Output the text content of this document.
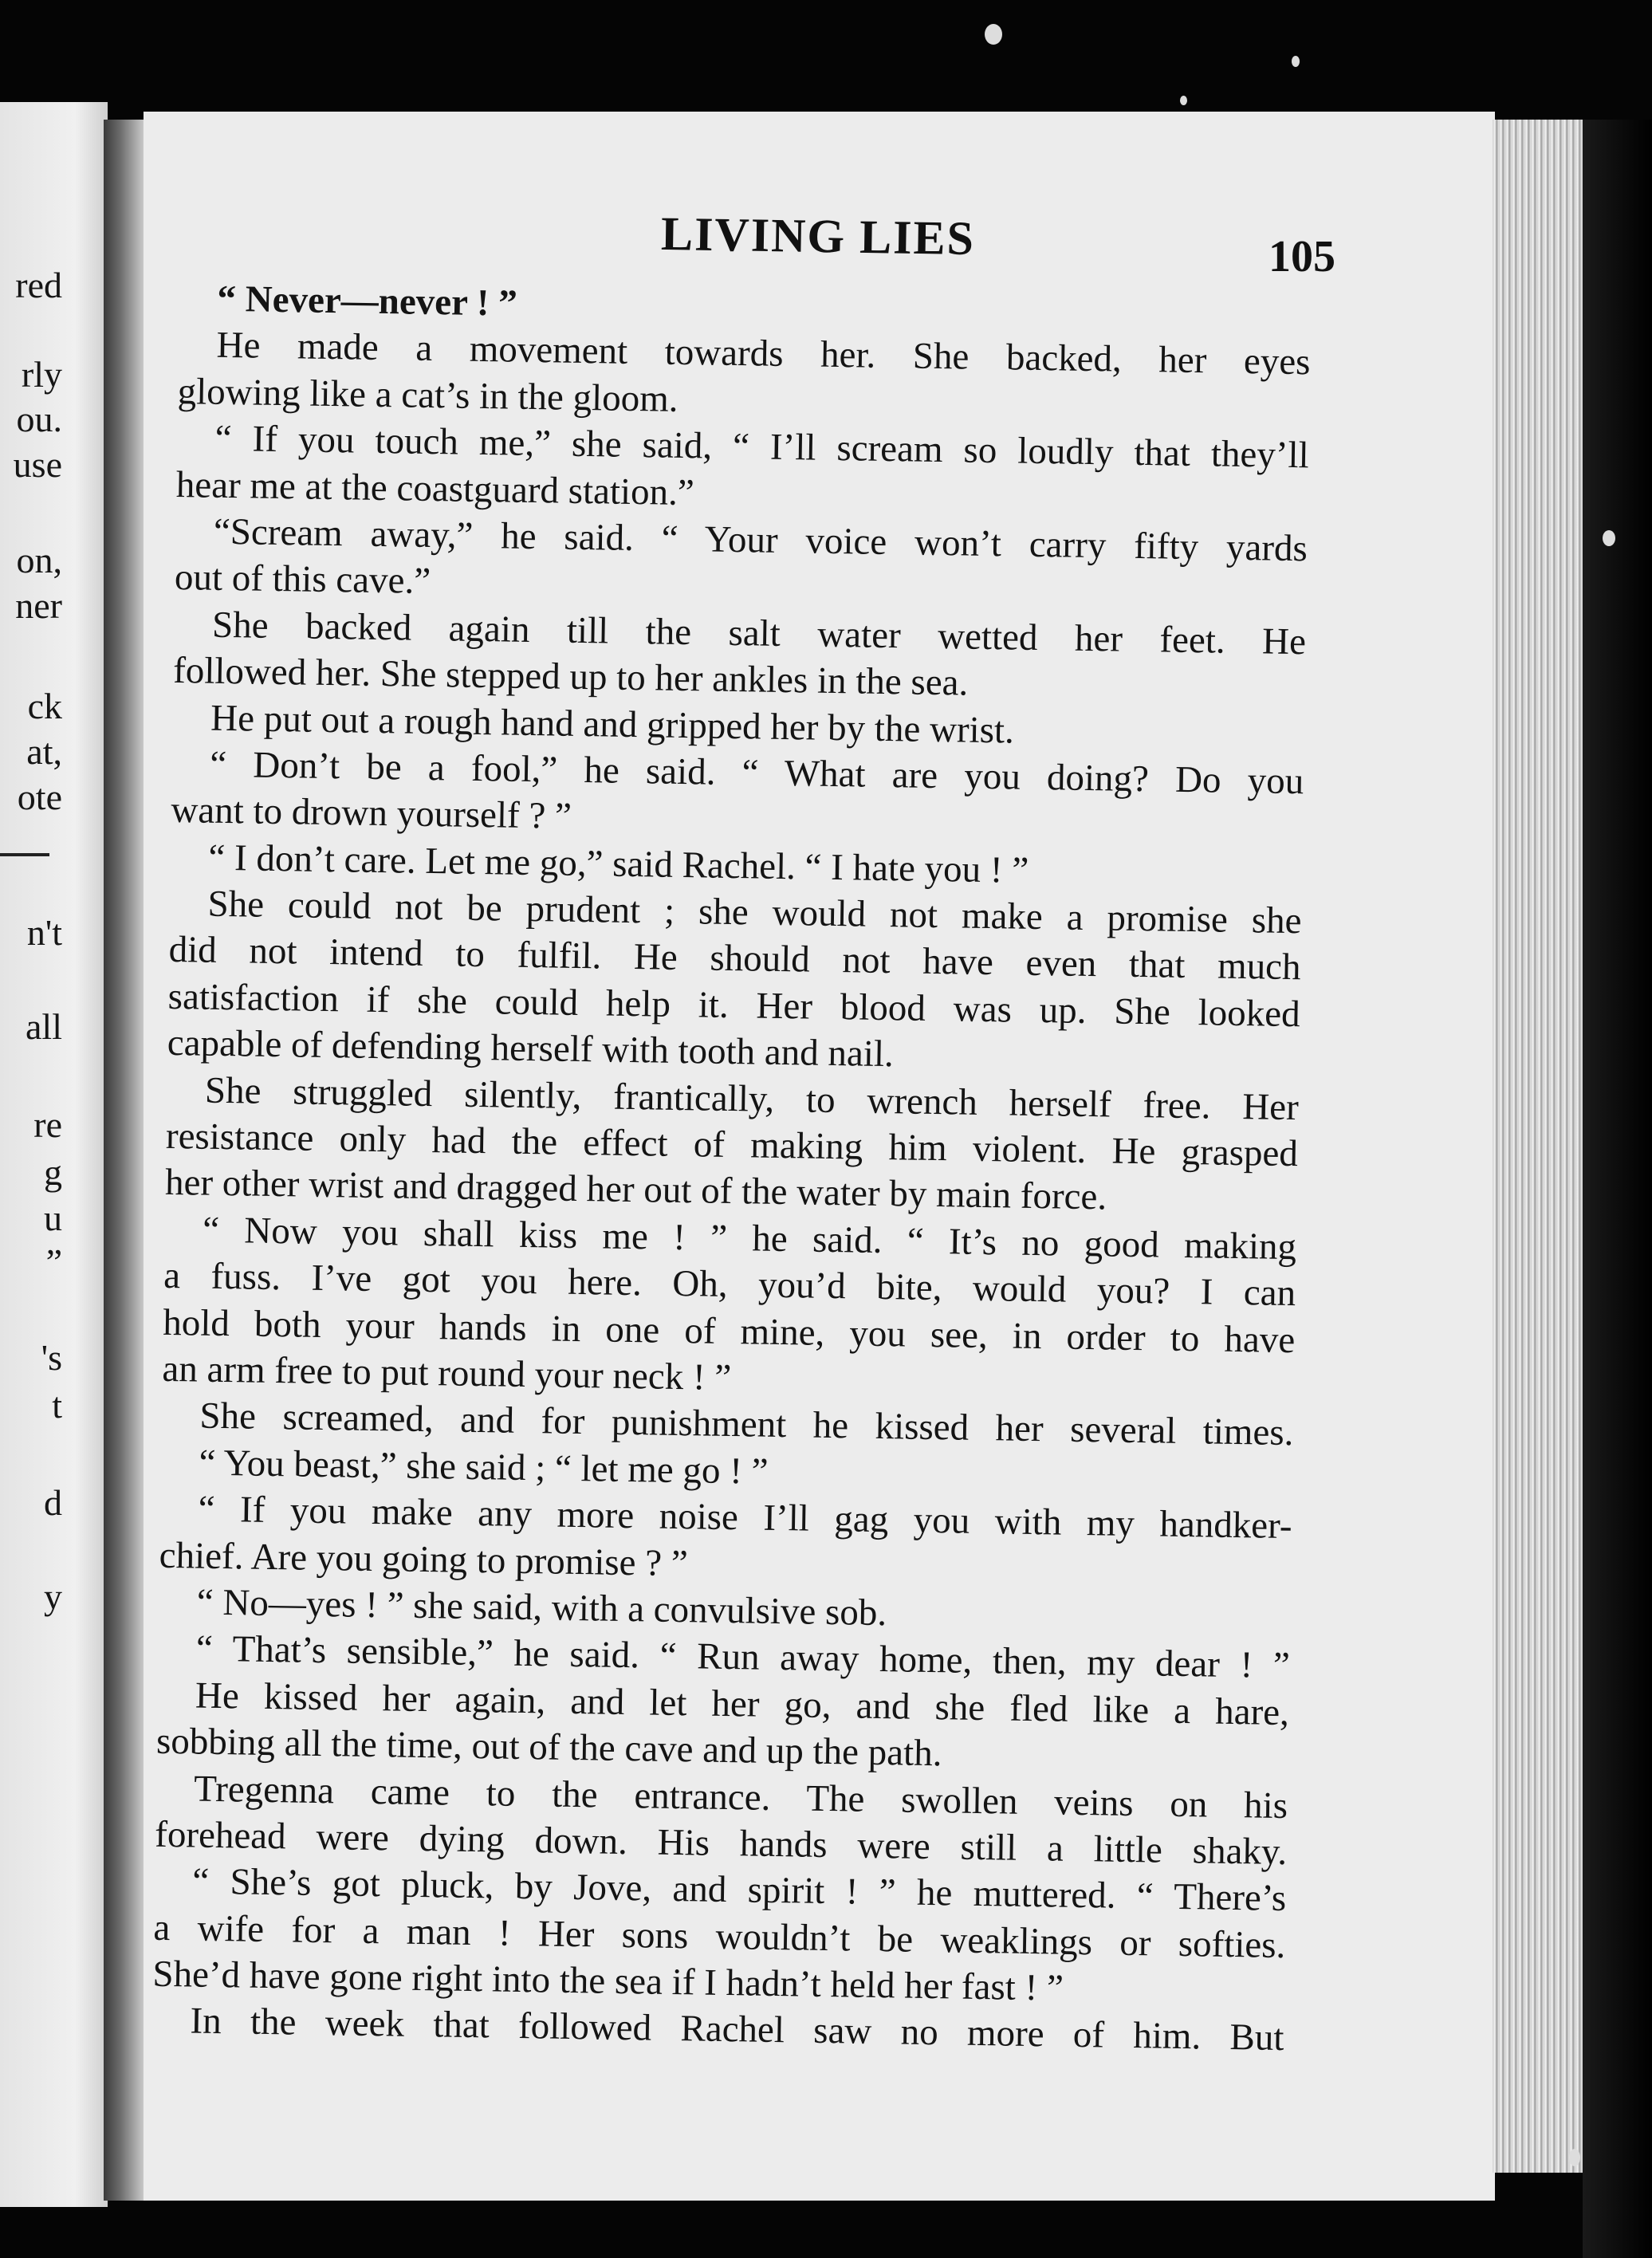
red
rly
ou.
use
on,
ner
ck
at,
ote
n't
all
re
g
u
”
's
t
d
y
LIVING LIES	105
“ Never—never ! ”
He made a movement towards her. She backed, her eyes
glowing like a cat’s in the gloom.
“ If you touch me,” she said, “ I’ll scream so loudly that they’ll
hear me at the coastguard station.”
“Scream away,” he said. “ Your voice won’t carry fifty yards
out of this cave.”
She backed again till the salt water wetted her feet. He
followed her. She stepped up to her ankles in the sea.
He put out a rough hand and gripped her by the wrist.
“ Don’t be a fool,” he said. “ What are you doing? Do you
want to drown yourself ? ”
“ I don’t care. Let me go,” said Rachel. “ I hate you ! ”
She could not be prudent ; she would not make a promise she
did not intend to fulfil. He should not have even that much
satisfaction if she could help it. Her blood was up. She looked
capable of defending herself with tooth and nail.
She struggled silently, frantically, to wrench herself free. Her
resistance only had the effect of making him violent. He grasped
her other wrist and dragged her out of the water by main force.
“ Now you shall kiss me ! ” he said. “ It’s no good making
a fuss. I’ve got you here. Oh, you’d bite, would you? I can
hold both your hands in one of mine, you see, in order to have
an arm free to put round your neck ! ”
She screamed, and for punishment he kissed her several times.
“ You beast,” she said ; “ let me go ! ”
“ If you make any more noise I’ll gag you with my handker-
chief. Are you going to promise ? ”
“ No—yes ! ” she said, with a convulsive sob.
“ That’s sensible,” he said. “ Run away home, then, my dear ! ”
He kissed her again, and let her go, and she fled like a hare,
sobbing all the time, out of the cave and up the path.
Tregenna came to the entrance. The swollen veins on his
forehead were dying down. His hands were still a little shaky.
“ She’s got pluck, by Jove, and spirit ! ” he muttered. “ There’s
a wife for a man ! Her sons wouldn’t be weaklings or softies.
She’d have gone right into the sea if I hadn’t held her fast ! ”
In the week that followed Rachel saw no more of him. But
